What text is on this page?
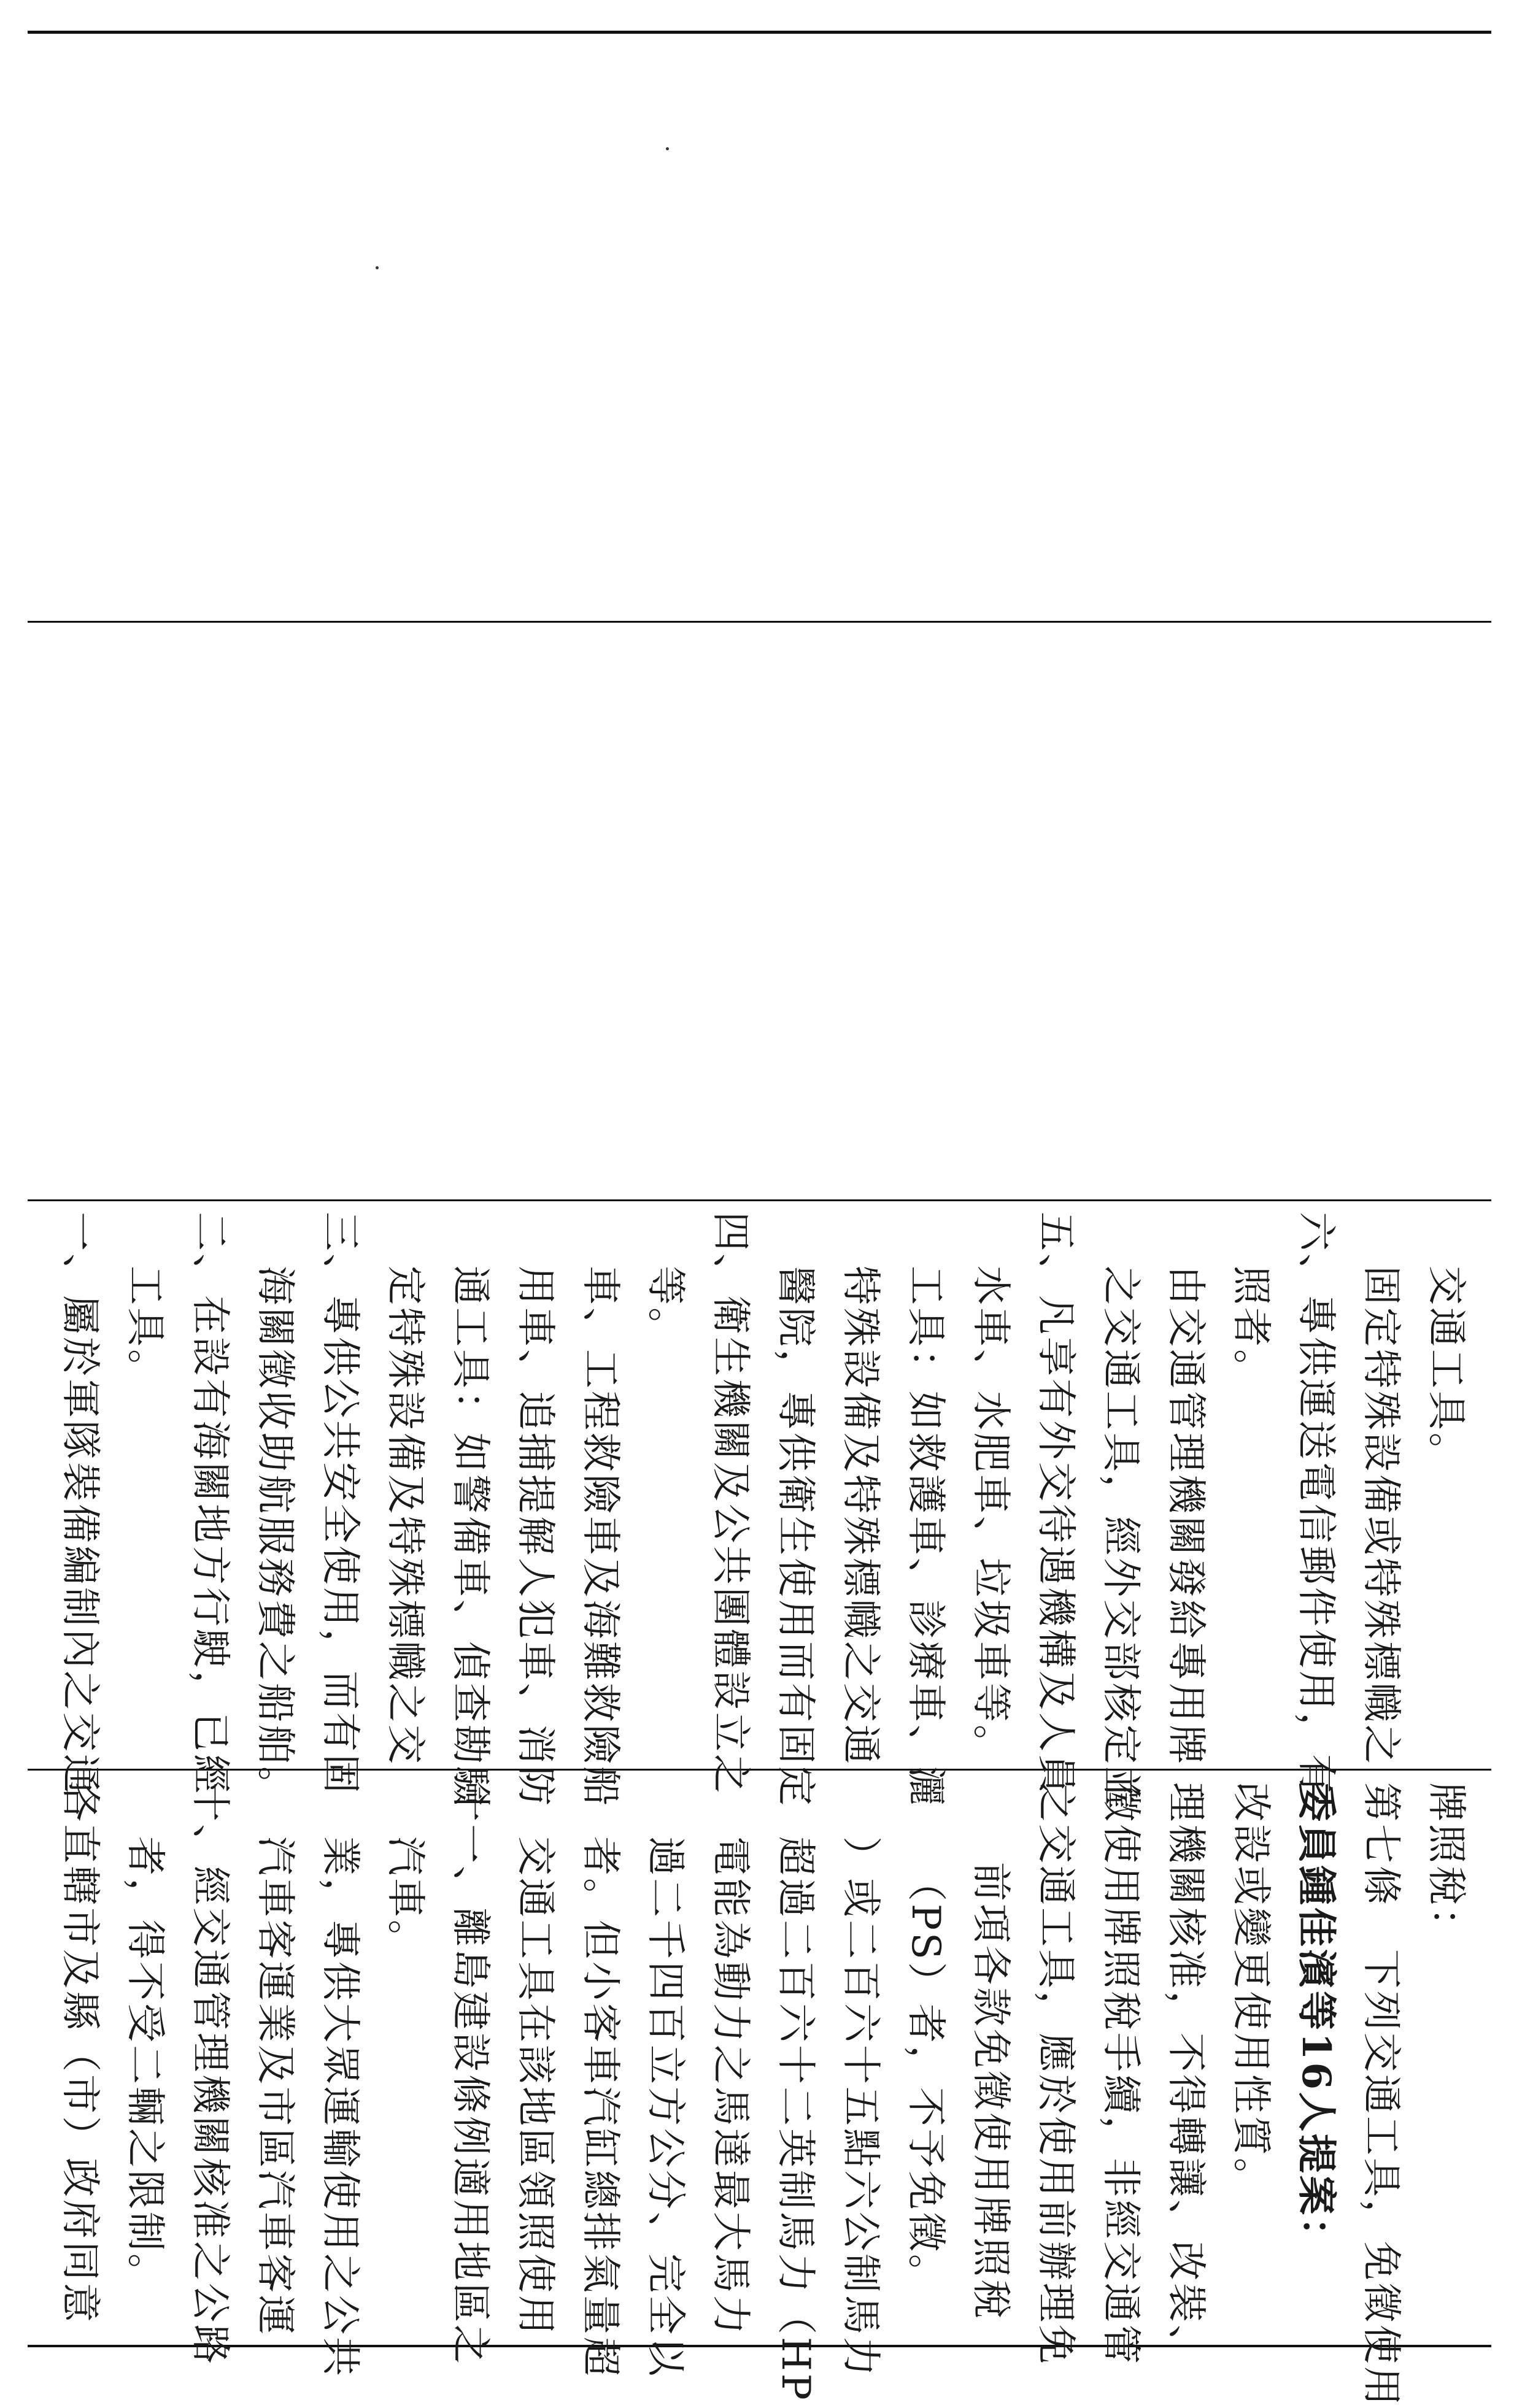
一、屬於軍隊裝備編制內之交通 工具。 二、在設有海關地方行駛，已經 海關徵收助航服務費之船舶。 三、專供公共安全使用，而有固 定特殊設備及特殊標幟之交 通工具：如警備車、偵查勘驗 用車、追捕提解人犯車、消防 車、工程救險車及海難救險船 等。 四、衛生機關及公共團體設立之 醫院，專供衛生使用而有固定 特殊設備及特殊標幟之交通 工具：如救護車、診療車、灑 水車、水肥車、垃圾車等。 五、凡享有外交待遇機構及人員 之交通工具，經外交部核定並 由交通管理機關發給專用牌 照者。 六、專供運送電信郵件使用，有 固定特殊設備或特殊標幟之 交通工具。
各直轄市及縣（市）政府同意 者，得不受二輛之限制。 十、經交通管理機關核准之公路 汽車客運業及市區汽車客運 業，專供大眾運輸使用之公共 汽車。 十一、離島建設條例適用地區之 交通工具在該地區領照使用 者。但小客車汽缸總排氣量超 過二千四百立方公分、完全以 電能為動力之馬達最大馬力 超過二百六十二英制馬力（HP ）或二百六十五點六公制馬力 （PS）者，不予免徵。 前項各款免徵使用牌照稅 之交通工具，應於使用前辦理免 徵使用牌照稅手續，非經交通管 理機關核准，不得轉讓、改裝、 改設或變更使用性質。 委員鍾佳濱等16人提案： 第七條　下列交通工具，免徵使用 牌照稅：
